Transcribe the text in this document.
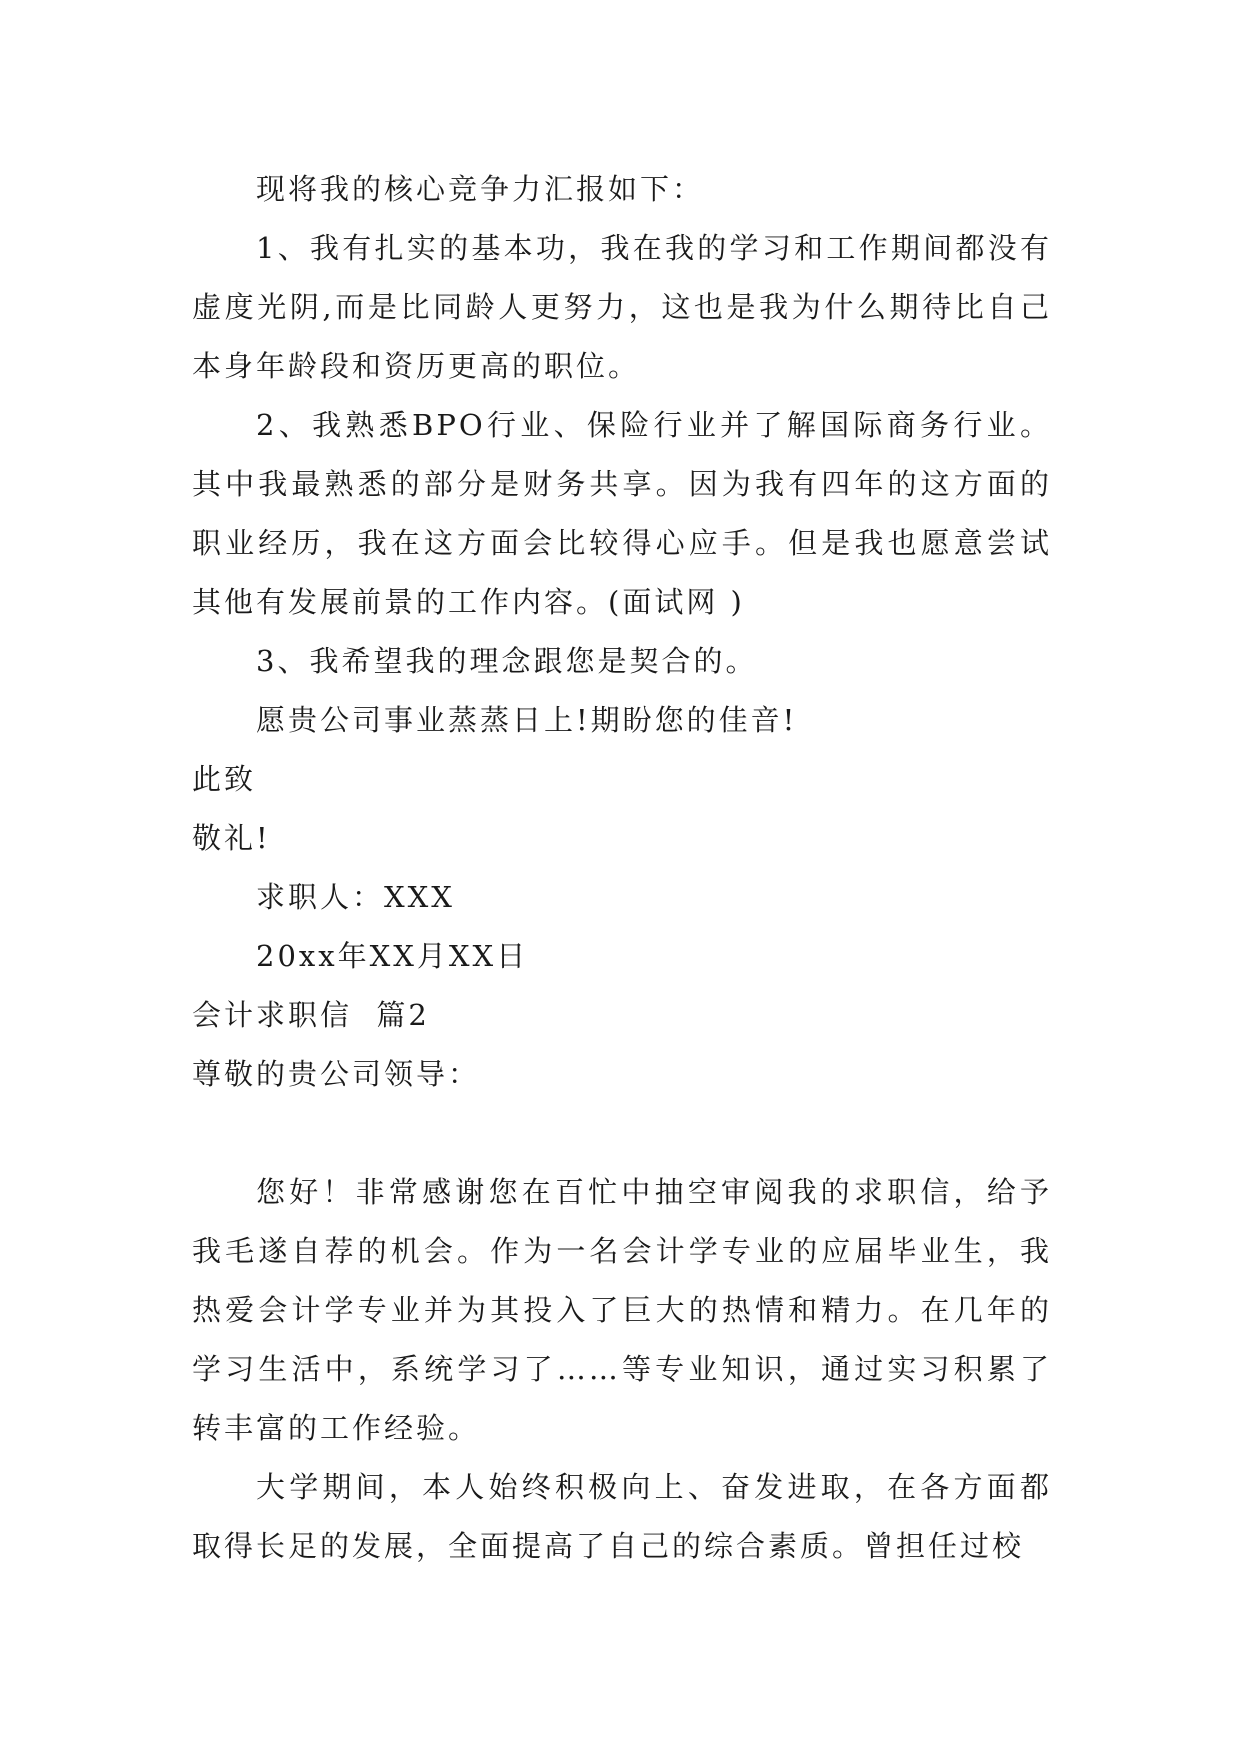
现将我的核心竞争力汇报如下：

1、我有扎实的基本功，我在我的学习和工作期间都没有虚度光阴,而是比同龄人更努力，这也是我为什么期待比自己本身年龄段和资历更高的职位。

2、我熟悉BPO行业、保险行业并了解国际商务行业。其中我最熟悉的部分是财务共享。因为我有四年的这方面的职业经历，我在这方面会比较得心应手。但是我也愿意尝试其他有发展前景的工作内容。(面试网 )

3、我希望我的理念跟您是契合的。

愿贵公司事业蒸蒸日上!期盼您的佳音!

此致

敬礼!

求职人：XXX

20xx年XX月XX日

会计求职信  篇2

尊敬的贵公司领导：

您好！非常感谢您在百忙中抽空审阅我的求职信，给予我毛遂自荐的机会。作为一名会计学专业的应届毕业生，我热爱会计学专业并为其投入了巨大的热情和精力。在几年的学习生活中，系统学习了……等专业知识，通过实习积累了转丰富的工作经验。

大学期间，本人始终积极向上、奋发进取，在各方面都取得长足的发展，全面提高了自己的综合素质。曾担任过校
